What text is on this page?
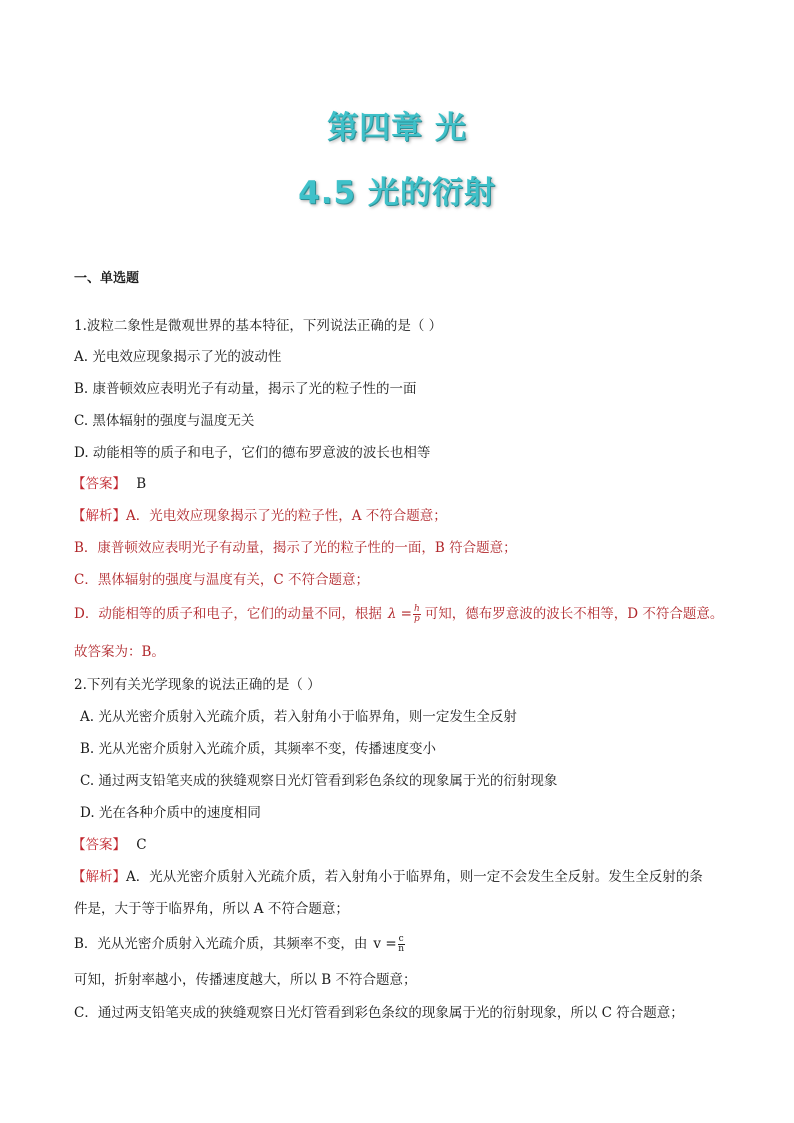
第四章 光
4.5 光的衍射
一、单选题
1.波粒二象性是微观世界的基本特征，下列说法正确的是（ ）
A. 光电效应现象揭示了光的波动性
B. 康普顿效应表明光子有动量，揭示了光的粒子性的一面
C. 黑体辐射的强度与温度无关
D. 动能相等的质子和电子，它们的德布罗意波的波长也相等
【答案】 B
【解析】A．光电效应现象揭示了光的粒子性，A 不符合题意；
B．康普顿效应表明光子有动量，揭示了光的粒子性的一面，B 符合题意；
C．黑体辐射的强度与温度有关，C 不符合题意；
D．动能相等的质子和电子，它们的动量不同，根据 $\lambda = \frac{h}{p}$ 可知，德布罗意波的波长不相等，D 不符合题意。
故答案为：B。
2.下列有关光学现象的说法正确的是（ ）
A. 光从光密介质射入光疏介质，若入射角小于临界角，则一定发生全反射
B. 光从光密介质射入光疏介质，其频率不变，传播速度变小
C. 通过两支铅笔夹成的狭缝观察日光灯管看到彩色条纹的现象属于光的衍射现象
D. 光在各种介质中的速度相同
【答案】 C
【解析】A．光从光密介质射入光疏介质，若入射角小于临界角，则一定不会发生全反射。发生全反射的条
件是，大于等于临界角，所以 A 不符合题意；
B．光从光密介质射入光疏介质，其频率不变，由 $v = \frac{c}{n}$
可知，折射率越小，传播速度越大，所以 B 不符合题意；
C．通过两支铅笔夹成的狭缝观察日光灯管看到彩色条纹的现象属于光的衍射现象，所以 C 符合题意；
